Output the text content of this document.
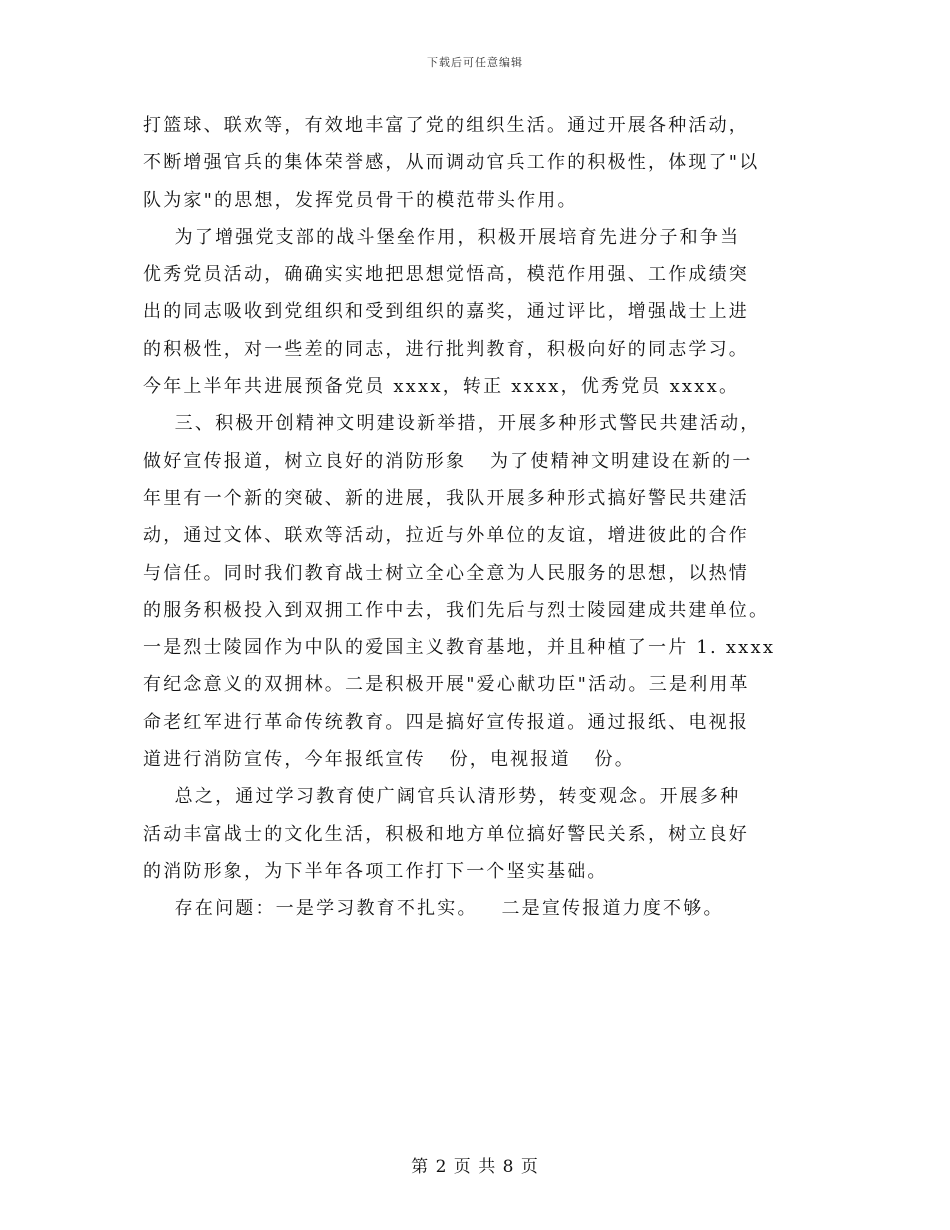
下载后可任意编辑
打篮球、联欢等，有效地丰富了党的组织生活。通过开展各种活动，
不断增强官兵的集体荣誉感，从而调动官兵工作的积极性，体现了"以
队为家"的思想，发挥党员骨干的模范带头作用。
为了增强党支部的战斗堡垒作用，积极开展培育先进分子和争当
优秀党员活动，确确实实地把思想觉悟高，模范作用强、工作成绩突
出的同志吸收到党组织和受到组织的嘉奖，通过评比，增强战士上进
的积极性，对一些差的同志，进行批判教育，积极向好的同志学习。
今年上半年共进展预备党员 xxxx，转正 xxxx，优秀党员 xxxx。
三、积极开创精神文明建设新举措，开展多种形式警民共建活动，
做好宣传报道，树立良好的消防形象   为了使精神文明建设在新的一
年里有一个新的突破、新的进展，我队开展多种形式搞好警民共建活
动，通过文体、联欢等活动，拉近与外单位的友谊，增进彼此的合作
与信任。同时我们教育战士树立全心全意为人民服务的思想，以热情
的服务积极投入到双拥工作中去，我们先后与烈士陵园建成共建单位。
一是烈士陵园作为中队的爱国主义教育基地，并且种植了一片 1. xxxx
有纪念意义的双拥林。二是积极开展"爱心献功臣"活动。三是利用革
命老红军进行革命传统教育。四是搞好宣传报道。通过报纸、电视报
道进行消防宣传，今年报纸宣传   份，电视报道   份。
总之，通过学习教育使广阔官兵认清形势，转变观念。开展多种
活动丰富战士的文化生活，积极和地方单位搞好警民关系，树立良好
的消防形象，为下半年各项工作打下一个坚实基础。
存在问题：一是学习教育不扎实。   二是宣传报道力度不够。
第 2 页 共 8 页
